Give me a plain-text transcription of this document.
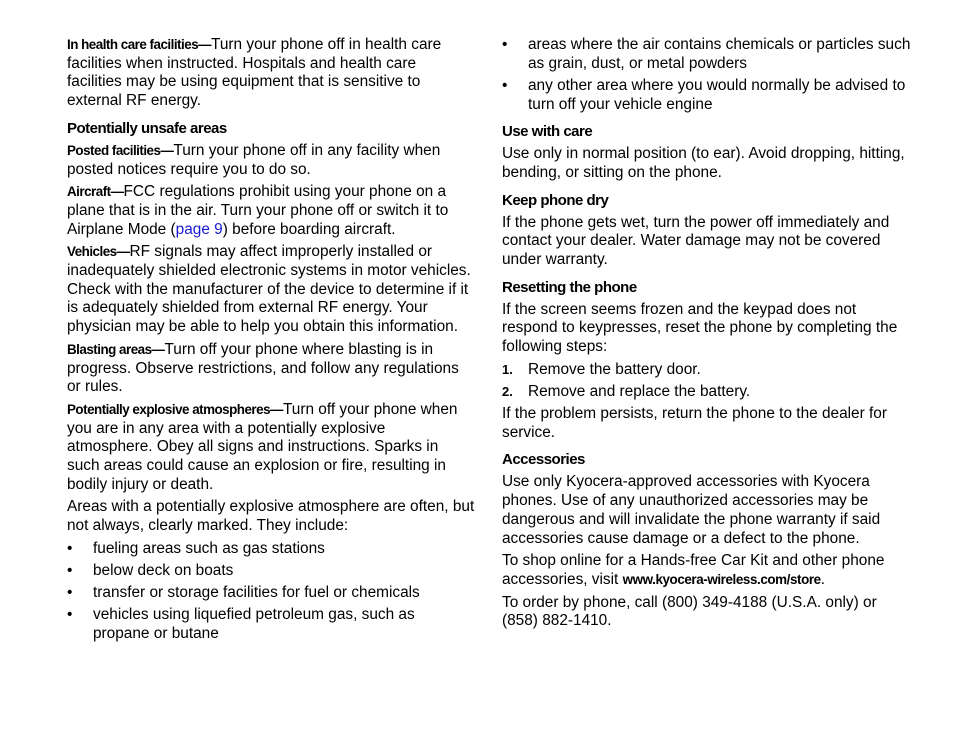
In health care facilities—Turn your phone off in health care facilities when instructed. Hospitals and health care facilities may be using equipment that is sensitive to external RF energy.

Potentially unsafe areas

Posted facilities—Turn your phone off in any facility when posted notices require you to do so.

Aircraft—FCC regulations prohibit using your phone on a plane that is in the air. Turn your phone off or switch it to Airplane Mode (page 9) before boarding aircraft.

Vehicles—RF signals may affect improperly installed or inadequately shielded electronic systems in motor vehicles. Check with the manufacturer of the device to determine if it is adequately shielded from external RF energy. Your physician may be able to help you obtain this information.

Blasting areas—Turn off your phone where blasting is in progress. Observe restrictions, and follow any regulations or rules.

Potentially explosive atmospheres—Turn off your phone when you are in any area with a potentially explosive atmosphere. Obey all signs and instructions. Sparks in such areas could cause an explosion or fire, resulting in bodily injury or death.

Areas with a potentially explosive atmosphere are often, but not always, clearly marked. They include:

• fueling areas such as gas stations
• below deck on boats
• transfer or storage facilities for fuel or chemicals
• vehicles using liquefied petroleum gas, such as propane or butane
• areas where the air contains chemicals or particles such as grain, dust, or metal powders
• any other area where you would normally be advised to turn off your vehicle engine
Use with care

Use only in normal position (to ear). Avoid dropping, hitting, bending, or sitting on the phone.

Keep phone dry

If the phone gets wet, turn the power off immediately and contact your dealer. Water damage may not be covered under warranty.

Resetting the phone

If the screen seems frozen and the keypad does not respond to keypresses, reset the phone by completing the following steps:

1. Remove the battery door.
2. Remove and replace the battery.

If the problem persists, return the phone to the dealer for service.

Accessories

Use only Kyocera-approved accessories with Kyocera phones. Use of any unauthorized accessories may be dangerous and will invalidate the phone warranty if said accessories cause damage or a defect to the phone.

To shop online for a Hands-free Car Kit and other phone accessories, visit www.kyocera-wireless.com/store.

To order by phone, call (800) 349-4188 (U.S.A. only) or (858) 882-1410.
